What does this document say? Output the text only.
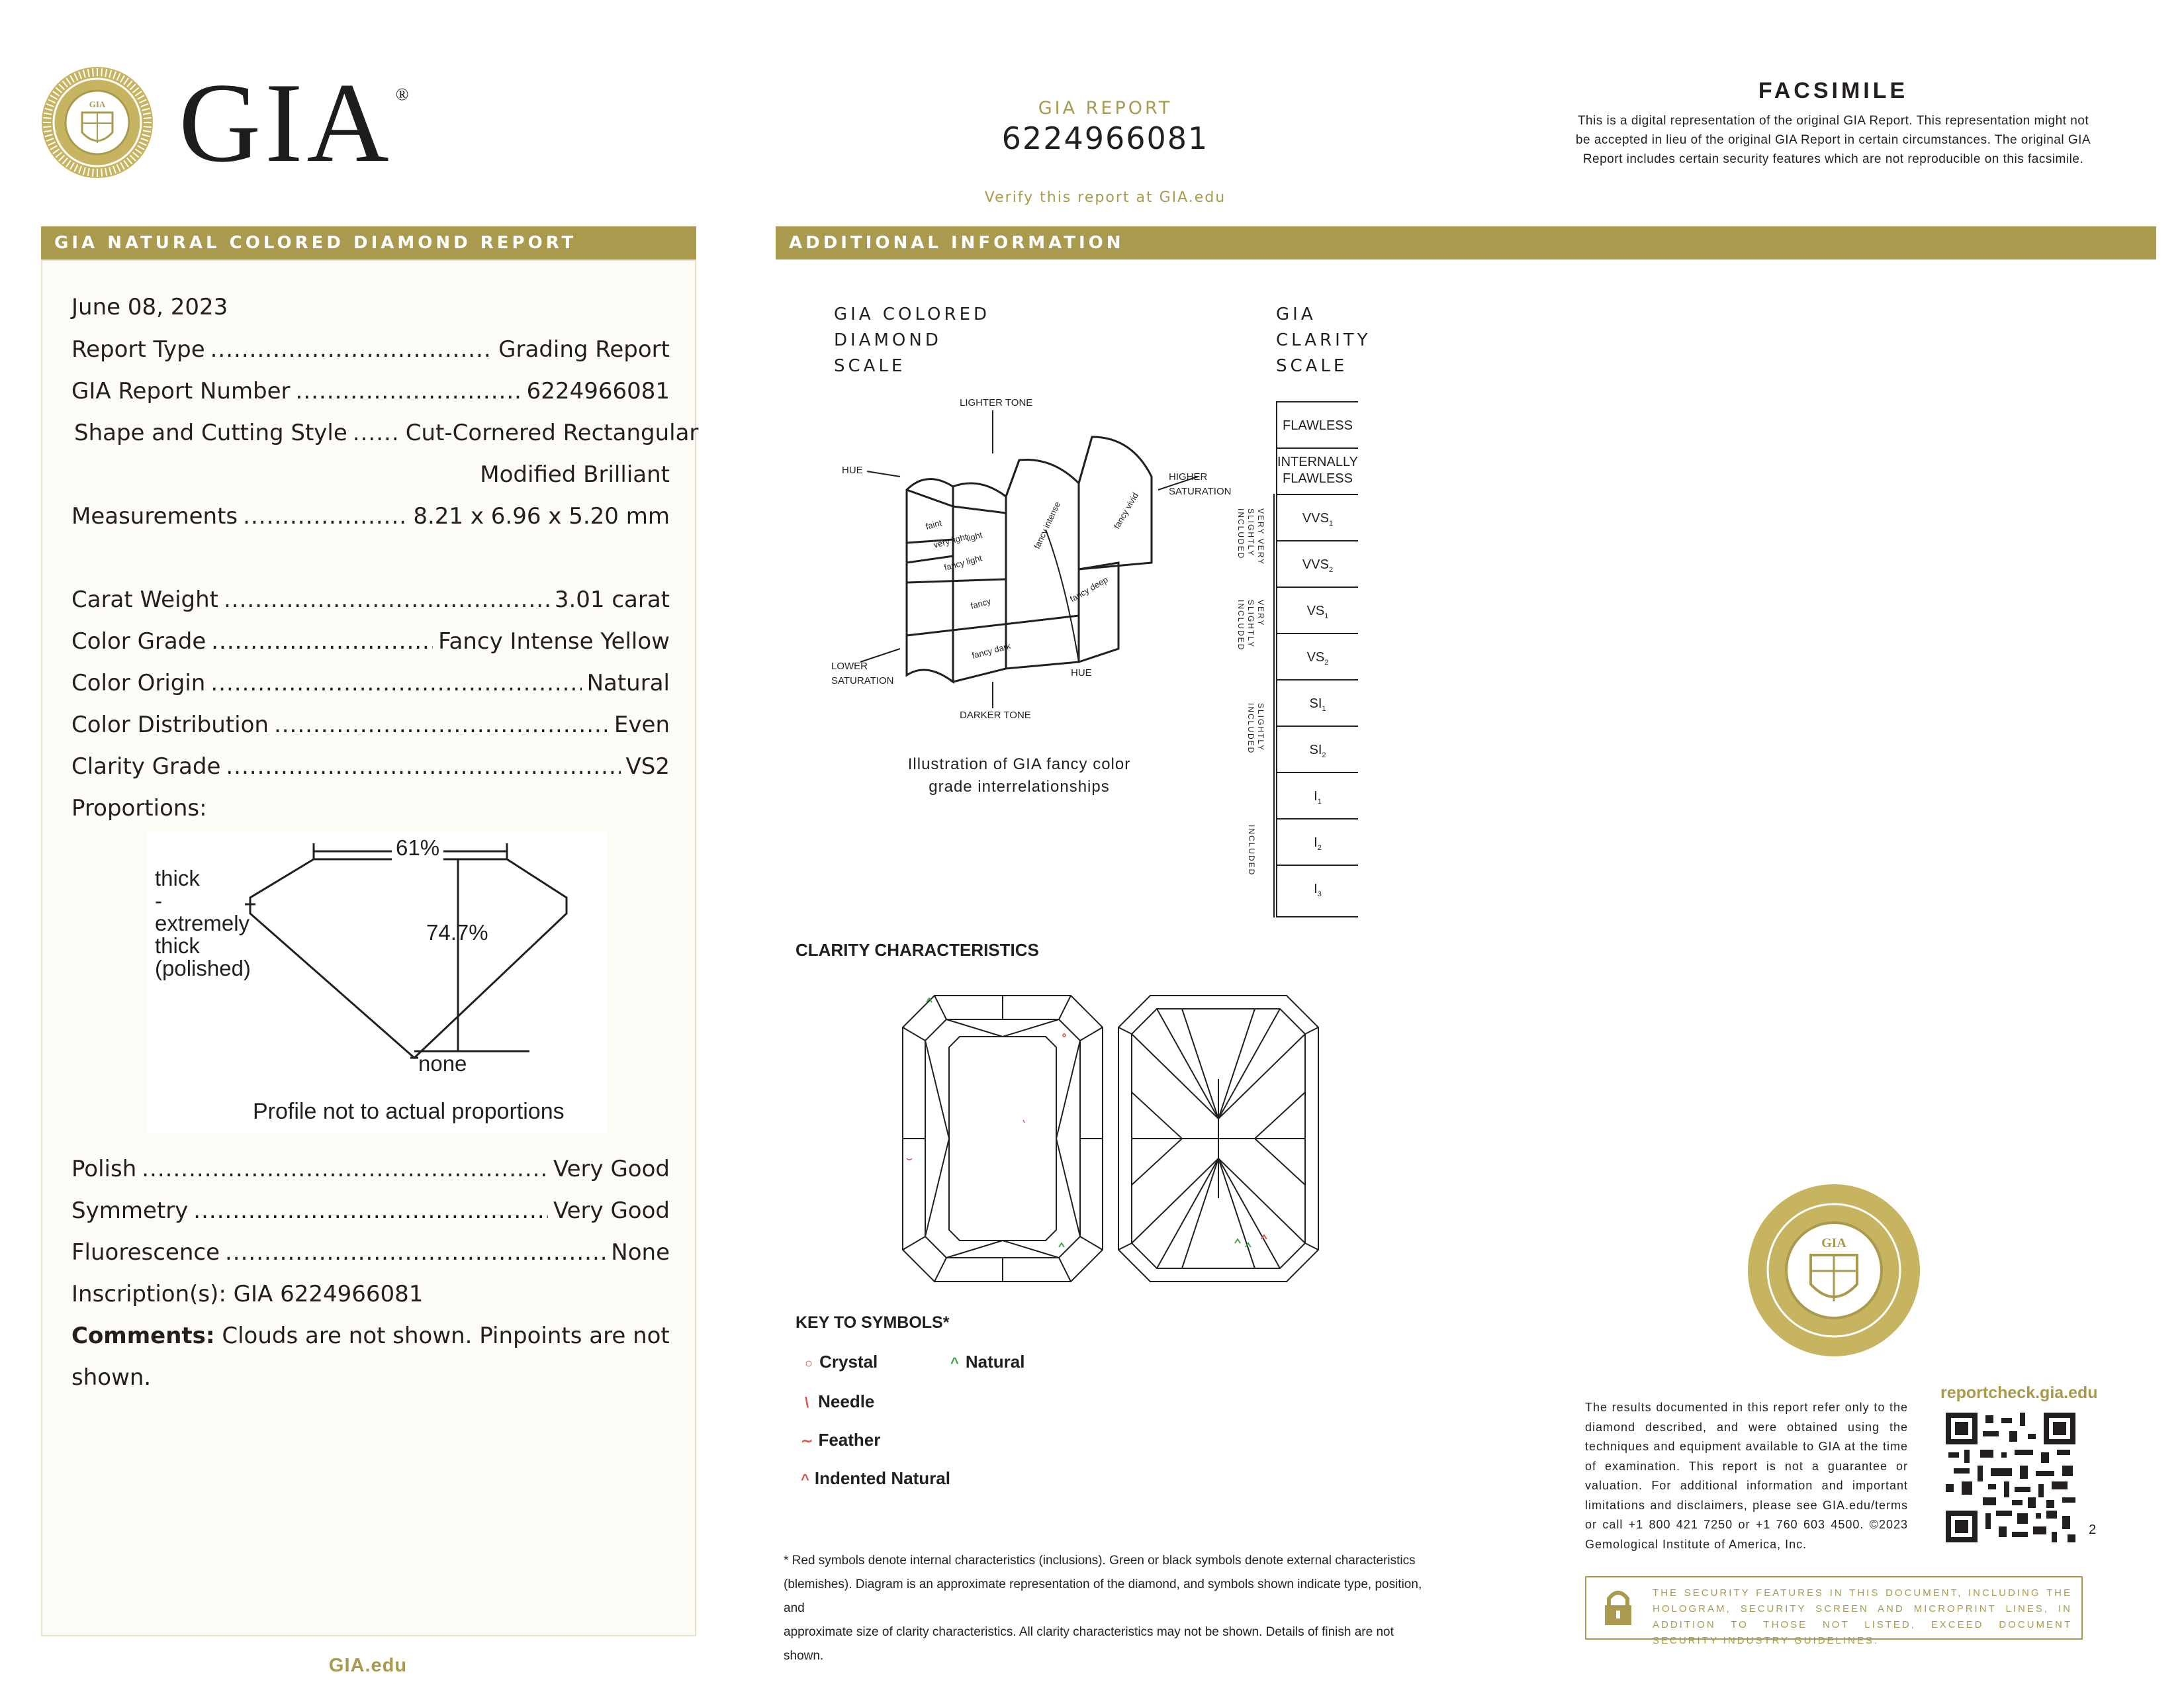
GIA GIA ®
GIA REPORT
6224966081
Verify this report at GIA.edu
FACSIMILE
This is a digital representation of the original GIA Report. This representation might not be accepted in lieu of the original GIA Report in certain circumstances. The original GIA Report includes certain security features which are not reproducible on this facsimile.
GIA NATURAL COLORED DIAMOND REPORT
June 08, 2023
Report Type .....	Grading Report
GIA Report Number .....	6224966081
Shape and Cutting Style .....	Cut-Cornered Rectangular
Modified Brilliant
Measurements .....	8.21 x 6.96 x 5.20 mm
Carat Weight .....	3.01 carat
Color Grade .....	Fancy Intense Yellow
Color Origin .....	Natural
Color Distribution .....	Even
Clarity Grade .....	VS2
Proportions:
61%
74.7%
thick
-
extremely
thick
(polished)
none
Profile not to actual proportions
Polish .....	Very Good
Symmetry .....	Very Good
Fluorescence .....	None
Inscription(s): GIA 6224966081
Comments: Clouds are not shown. Pinpoints are not
shown.
GIA.edu
ADDITIONAL INFORMATION
GIA COLORED
DIAMOND
SCALE
GIA
CLARITY
SCALE
faint
very light
light
fancy light
fancy
fancy intense	fancy vivid
fancy deep
fancy dark
LIGHTER TONE
DARKER TONE
HUE
HUE
HIGHER
SATURATION
LOWER
SATURATION
Illustration of GIA fancy color
grade interrelationships
FLAWLESS
INTERNALLY
FLAWLESS
$VVS_1$
$VVS_2$
$VS_1$
$VS_2$
$SI_1$
$SI_2$
$I_1$
$I_2$
$I_3$
VERY VERY SLIGHTLY INCLUDED
VERY SLIGHTLY INCLUDED
SLIGHTLY INCLUDED
INCLUDED
CLARITY CHARACTERISTICS
KEY TO SYMBOLS*
○ Crystal	^ Natural
\ Needle
∼ Feather
^ Indented Natural
* Red symbols denote internal characteristics (inclusions). Green or black symbols denote external characteristics
(blemishes). Diagram is an approximate representation of the diamond, and symbols shown indicate type, position, and
approximate size of clarity characteristics. All clarity characteristics may not be shown. Details of finish are not shown.
GIA
The results documented in this report refer only to the diamond described, and were obtained using the techniques and equipment available to GIA at the time of examination. This report is not a guarantee or valuation. For additional information and important limitations and disclaimers, please see GIA.edu/terms or call +1 800 421 7250 or +1 760 603 4500. ©2023 Gemological Institute of America, Inc.
reportcheck.gia.edu
2
THE SECURITY FEATURES IN THIS DOCUMENT, INCLUDING THE HOLOGRAM, SECURITY SCREEN AND MICROPRINT LINES, IN ADDITION TO THOSE NOT LISTED, EXCEED DOCUMENT SECURITY INDUSTRY GUIDELINES.
